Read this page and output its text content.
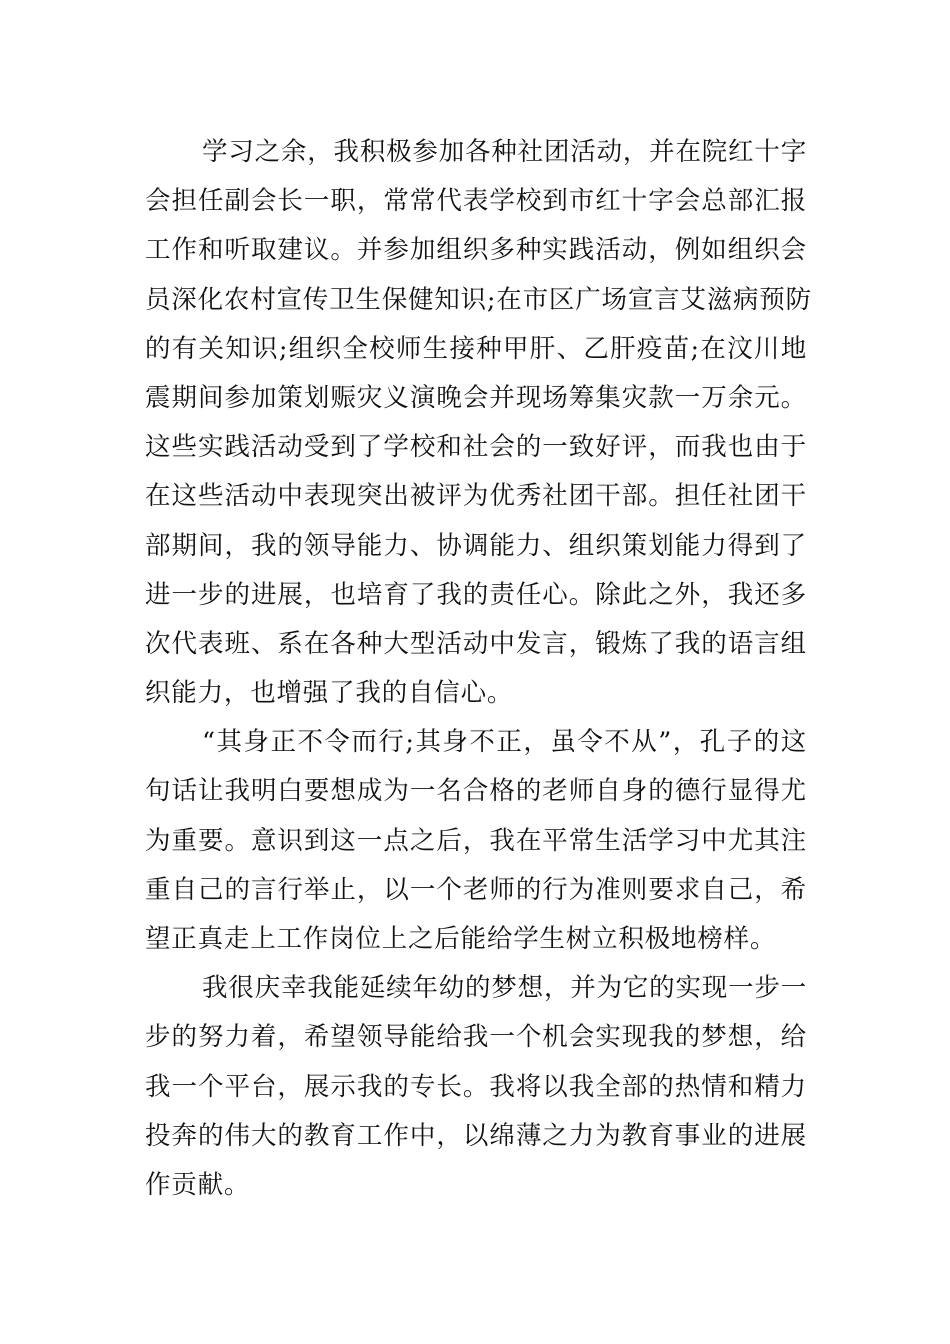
学习之余，我积极参加各种社团活动，并在院红十字
会担任副会长一职，常常代表学校到市红十字会总部汇报
工作和听取建议。并参加组织多种实践活动，例如组织会
员深化农村宣传卫生保健知识;在市区广场宣言艾滋病预防
的有关知识;组织全校师生接种甲肝、乙肝疫苗;在汶川地
震期间参加策划赈灾义演晚会并现场筹集灾款一万余元。
这些实践活动受到了学校和社会的一致好评，而我也由于
在这些活动中表现突出被评为优秀社团干部。担任社团干
部期间，我的领导能力、协调能力、组织策划能力得到了
进一步的进展，也培育了我的责任心。除此之外，我还多
次代表班、系在各种大型活动中发言，锻炼了我的语言组
织能力，也增强了我的自信心。
“其身正不令而行;其身不正，虽令不从”，孔子的这
句话让我明白要想成为一名合格的老师自身的德行显得尤
为重要。意识到这一点之后，我在平常生活学习中尤其注
重自己的言行举止，以一个老师的行为准则要求自己，希
望正真走上工作岗位上之后能给学生树立积极地榜样。
我很庆幸我能延续年幼的梦想，并为它的实现一步一
步的努力着，希望领导能给我一个机会实现我的梦想，给
我一个平台，展示我的专长。我将以我全部的热情和精力
投奔的伟大的教育工作中，以绵薄之力为教育事业的进展
作贡献。
